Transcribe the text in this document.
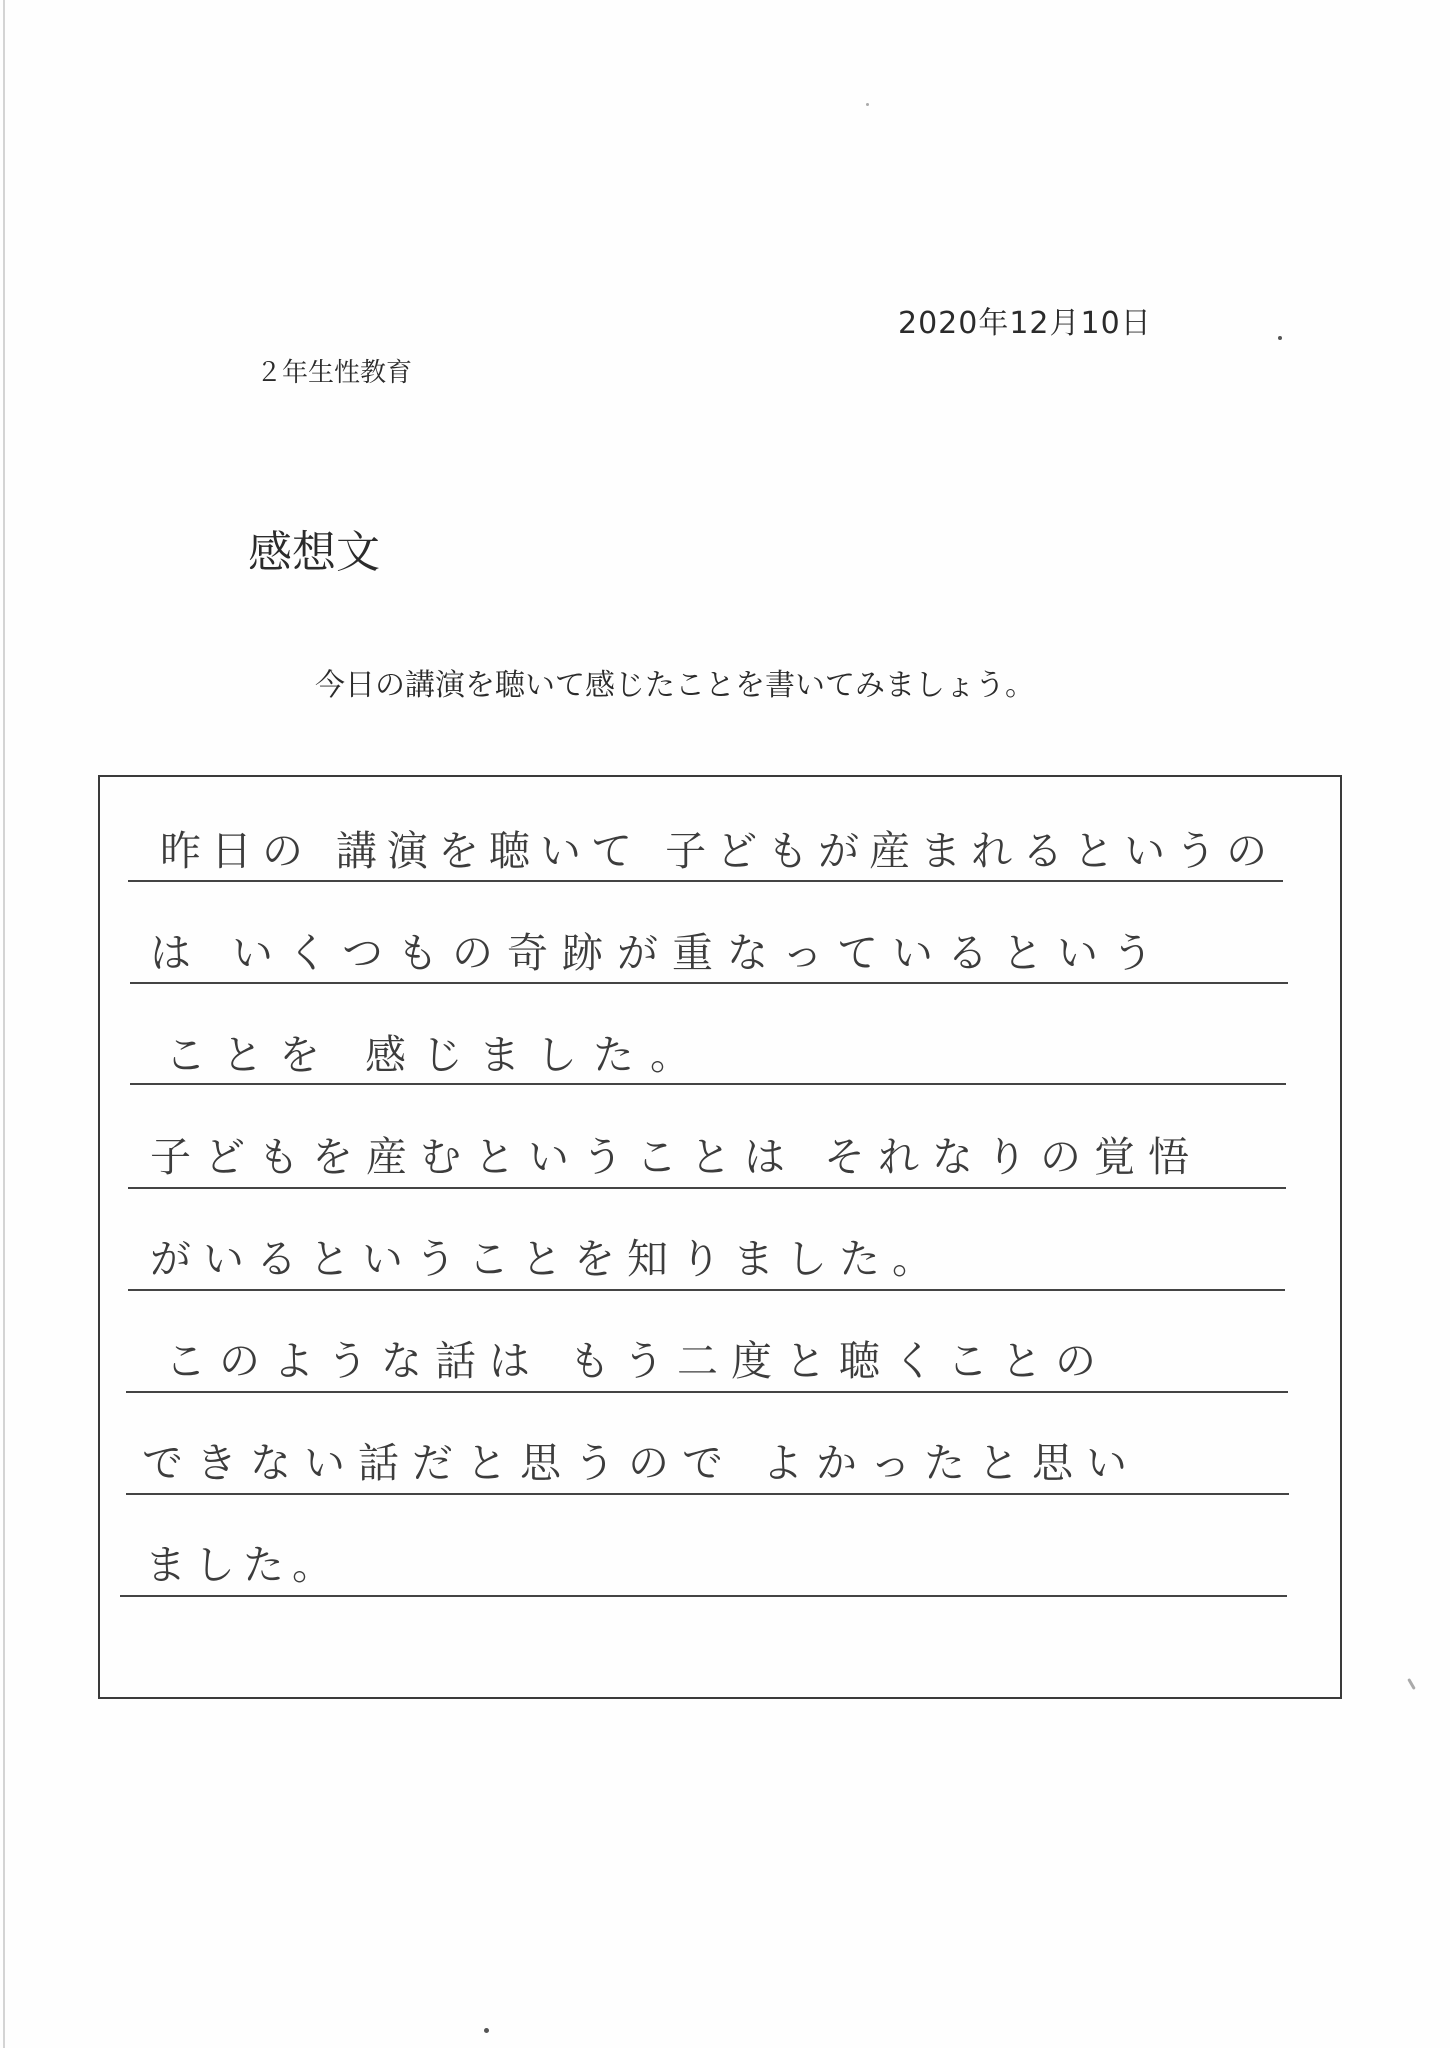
2020年12月10日
２年生性教育
感想文
今日の講演を聴いて感じたことを書いてみましょう。
昨日の 講演を聴いて 子どもが産まれるというの
は いくつもの奇跡が重なっているという
ことを 感じました。
子どもを産むということは それなりの覚悟
がいるということを知りました。
このような話は もう二度と聴くことの
できない話だと思うので よかったと思い
ました。
